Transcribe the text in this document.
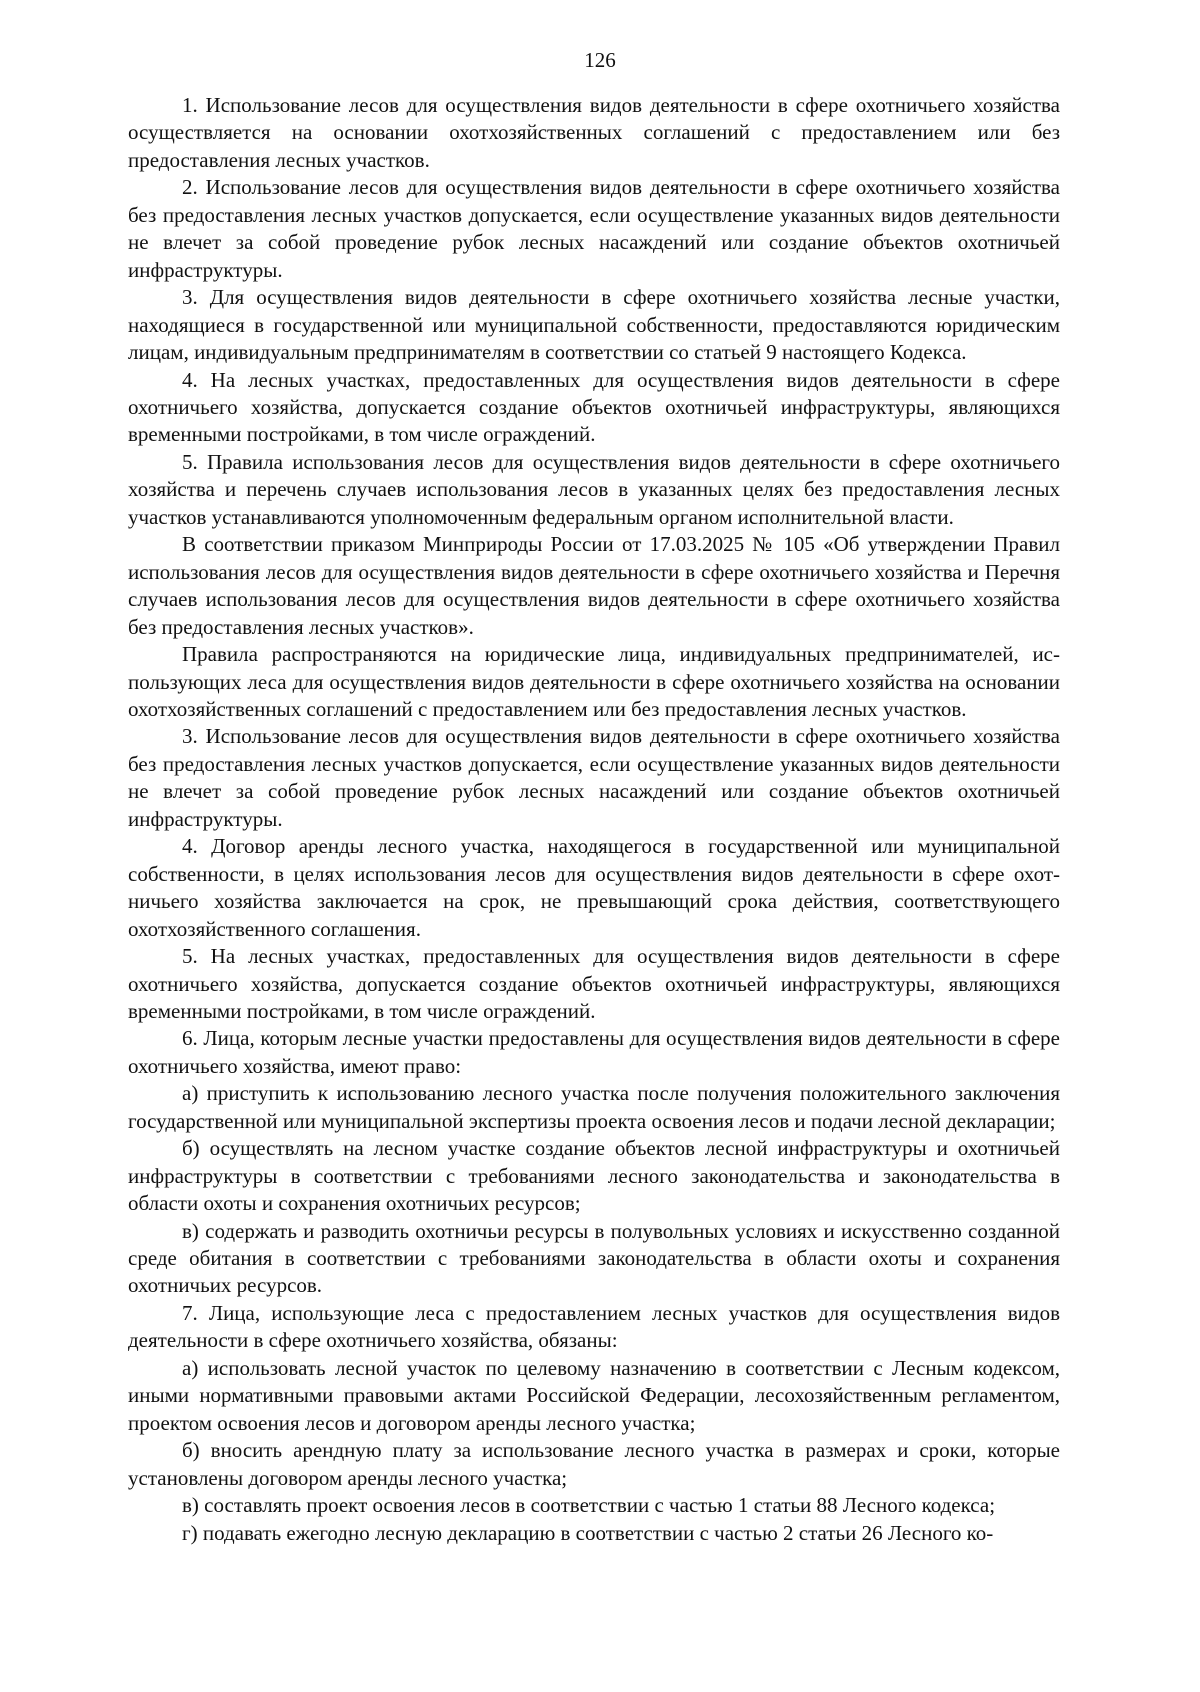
126

1. Использование лесов для осуществления видов деятельности в сфере охотничьего хозяйства осуществляется на основании охотхозяйственных соглашений с предоставлением или без предоставления лесных участков.

2. Использование лесов для осуществления видов деятельности в сфере охотничьего хозяйства без предоставления лесных участков допускается, если осуществление указанных видов деятельности не влечет за собой проведение рубок лесных насаждений или создание объектов охотничьей инфраструктуры.

3. Для осуществления видов деятельности в сфере охотничьего хозяйства лесные участки, находящиеся в государственной или муниципальной собственности, предоставляются юридическим лицам, индивидуальным предпринимателям в соответствии со статьей 9 настоящего Кодекса.

4. На лесных участках, предоставленных для осуществления видов деятельности в сфере охотничьего хозяйства, допускается создание объектов охотничьей инфраструктуры, являющихся временными постройками, в том числе ограждений.

5. Правила использования лесов для осуществления видов деятельности в сфере охотничьего хозяйства и перечень случаев использования лесов в указанных целях без предоставления лесных участков устанавливаются уполномоченным федеральным органом исполнительной власти.

В соответствии приказом Минприроды России от 17.03.2025 № 105 «Об утверждении Правил использования лесов для осуществления видов деятельности в сфере охотничьего хозяйства и Перечня случаев использования лесов для осуществления видов деятельности в сфере охотничьего хозяйства без предоставления лесных участков».

Правила распространяются на юридические лица, индивидуальных предпринимателей, использующих леса для осуществления видов деятельности в сфере охотничьего хозяйства на основании охотхозяйственных соглашений с предоставлением или без предоставления лесных участков.

3. Использование лесов для осуществления видов деятельности в сфере охотничьего хозяйства без предоставления лесных участков допускается, если осуществление указанных видов деятельности не влечет за собой проведение рубок лесных насаждений или создание объектов охотничьей инфраструктуры.

4. Договор аренды лесного участка, находящегося в государственной или муниципальной собственности, в целях использования лесов для осуществления видов деятельности в сфере охотничьего хозяйства заключается на срок, не превышающий срока действия, соответствующего охотхозяйственного соглашения.

5. На лесных участках, предоставленных для осуществления видов деятельности в сфере охотничьего хозяйства, допускается создание объектов охотничьей инфраструктуры, являющихся временными постройками, в том числе ограждений.

6. Лица, которым лесные участки предоставлены для осуществления видов деятельности в сфере охотничьего хозяйства, имеют право:

а) приступить к использованию лесного участка после получения положительного заключения государственной или муниципальной экспертизы проекта освоения лесов и подачи лесной декларации;

б) осуществлять на лесном участке создание объектов лесной инфраструктуры и охотничьей инфраструктуры в соответствии с требованиями лесного законодательства и законодательства в области охоты и сохранения охотничьих ресурсов;

в) содержать и разводить охотничьи ресурсы в полувольных условиях и искусственно созданной среде обитания в соответствии с требованиями законодательства в области охоты и сохранения охотничьих ресурсов.

7. Лица, использующие леса с предоставлением лесных участков для осуществления видов деятельности в сфере охотничьего хозяйства, обязаны:

а) использовать лесной участок по целевому назначению в соответствии с Лесным кодексом, иными нормативными правовыми актами Российской Федерации, лесохозяйственным регламентом, проектом освоения лесов и договором аренды лесного участка;

б) вносить арендную плату за использование лесного участка в размерах и сроки, которые установлены договором аренды лесного участка;

в) составлять проект освоения лесов в соответствии с частью 1 статьи 88 Лесного кодекса;

г) подавать ежегодно лесную декларацию в соответствии с частью 2 статьи 26 Лесного ко-
